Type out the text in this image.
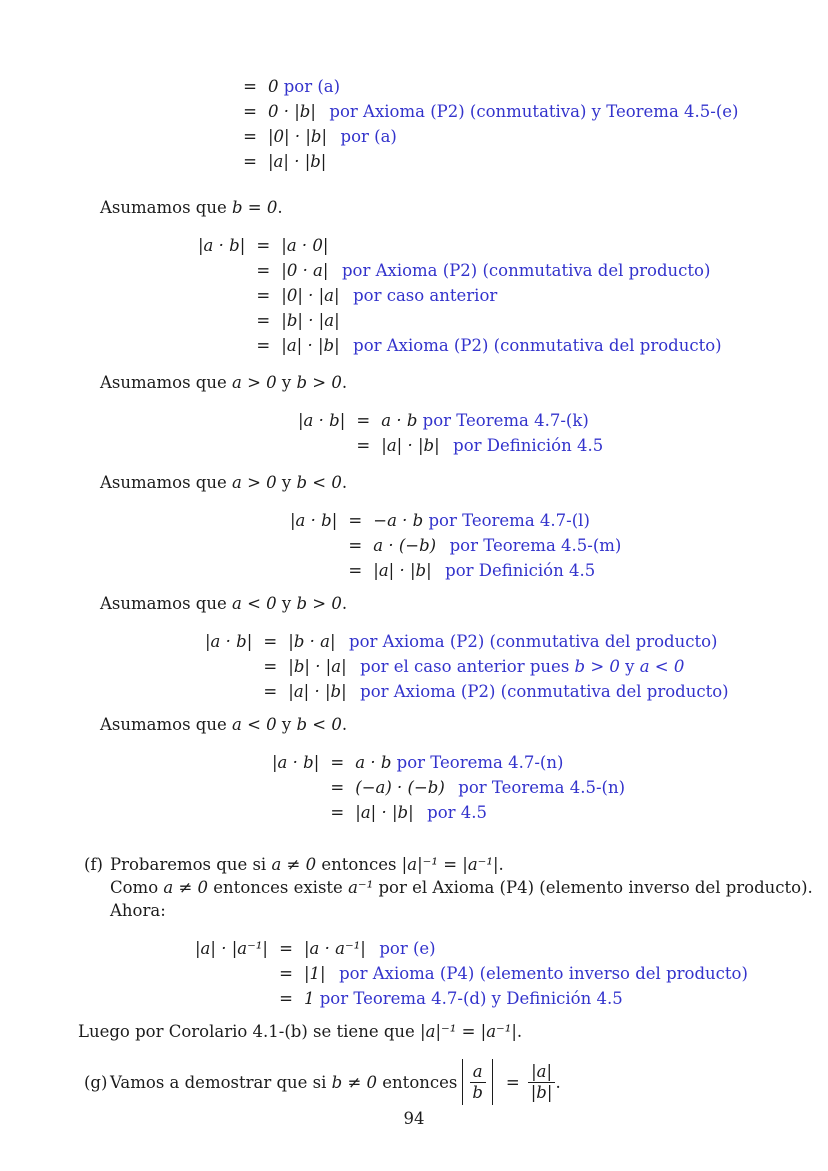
= 0 por (a)
= 0 · |b|  por Axioma (P2) (conmutativa) y Teorema 4.5-(e)
= |0| · |b|  por (a)
= |a| · |b|
Asumamos que b = 0.
|a · b| = |a · 0|
= |0 · a|  por Axioma (P2) (conmutativa del producto)
= |0| · |a|  por caso anterior
= |b| · |a|
= |a| · |b|  por Axioma (P2) (conmutativa del producto)
Asumamos que a > 0 y b > 0.
|a · b| = a · b por Teorema 4.7-(k)
= |a| · |b|  por Definición 4.5
Asumamos que a > 0 y b < 0.
|a · b| = −a · b por Teorema 4.7-(l)
= a · (−b)  por Teorema 4.5-(m)
= |a| · |b|  por Definición 4.5
Asumamos que a < 0 y b > 0.
|a · b| = |b · a|  por Axioma (P2) (conmutativa del producto)
= |b| · |a|  por el caso anterior pues b > 0 y a < 0
= |a| · |b|  por Axioma (P2) (conmutativa del producto)
Asumamos que a < 0 y b < 0.
|a · b| = a · b por Teorema 4.7-(n)
= (−a) · (−b)  por Teorema 4.5-(n)
= |a| · |b|  por 4.5
(f) Probaremos que si a ≠ 0 entonces |a|⁻¹ = |a⁻¹|.
Como a ≠ 0 entonces existe a⁻¹ por el Axioma (P4) (elemento inverso del producto). Ahora:
|a| · |a⁻¹| = |a · a⁻¹|  por (e)
= |1|  por Axioma (P4) (elemento inverso del producto)
= 1 por Teorema 4.7-(d) y Definición 4.5
Luego por Corolario 4.1-(b) se tiene que |a|⁻¹ = |a⁻¹|.
(g) Vamos a demostrar que si b ≠ 0 entonces $\frac{a}{b} = \frac{|a|}{|b|}$ .
94
